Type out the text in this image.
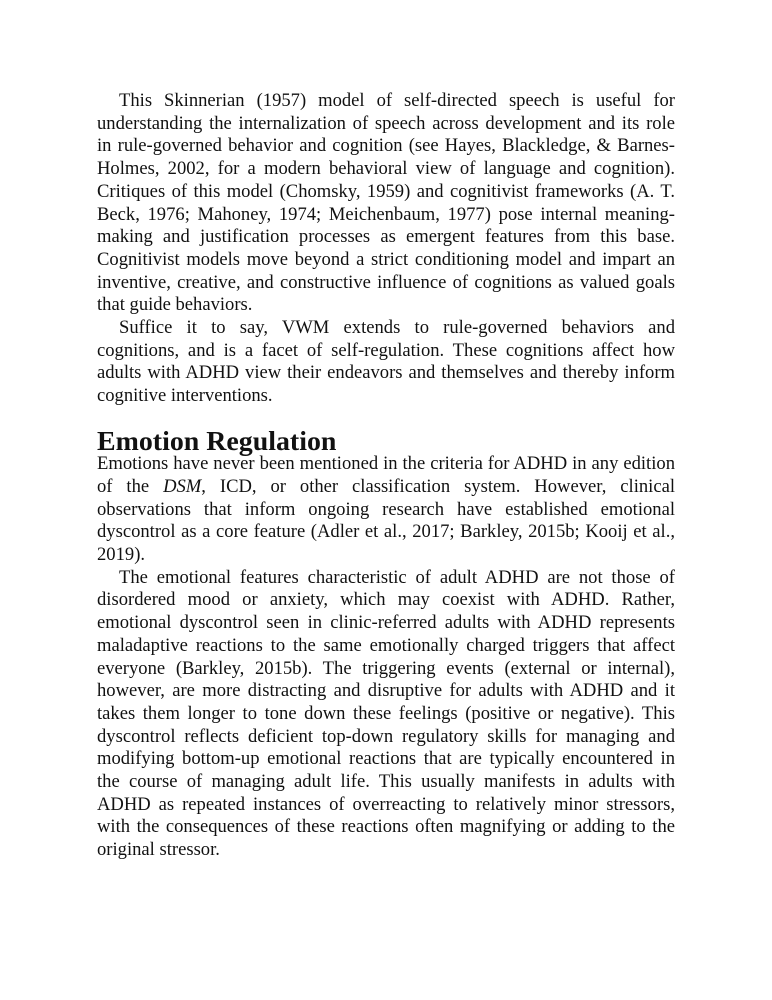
This Skinnerian (1957) model of self-directed speech is useful for understanding the internalization of speech across development and its role in rule-governed behavior and cognition (see Hayes, Blackledge, & Barnes-Holmes, 2002, for a modern behavioral view of language and cognition). Critiques of this model (Chomsky, 1959) and cognitivist frameworks (A. T. Beck, 1976; Mahoney, 1974; Meichenbaum, 1977) pose internal meaning-making and justification processes as emergent features from this base. Cognitivist models move beyond a strict conditioning model and impart an inventive, creative, and constructive influence of cognitions as valued goals that guide behaviors.

Suffice it to say, VWM extends to rule-governed behaviors and cognitions, and is a facet of self-regulation. These cognitions affect how adults with ADHD view their endeavors and themselves and thereby inform cognitive interventions.

Emotion Regulation

Emotions have never been mentioned in the criteria for ADHD in any edition of the DSM, ICD, or other classification system. However, clinical observations that inform ongoing research have established emotional dyscontrol as a core feature (Adler et al., 2017; Barkley, 2015b; Kooij et al., 2019).

The emotional features characteristic of adult ADHD are not those of disordered mood or anxiety, which may coexist with ADHD. Rather, emotional dyscontrol seen in clinic-referred adults with ADHD represents maladaptive reactions to the same emotionally charged triggers that affect everyone (Barkley, 2015b). The triggering events (external or internal), however, are more distracting and disruptive for adults with ADHD and it takes them longer to tone down these feelings (positive or negative). This dyscontrol reflects deficient top-down regulatory skills for managing and modifying bottom-up emotional reactions that are typically encountered in the course of managing adult life. This usually manifests in adults with ADHD as repeated instances of overreacting to relatively minor stressors, with the consequences of these reactions often magnifying or adding to the original stressor.
